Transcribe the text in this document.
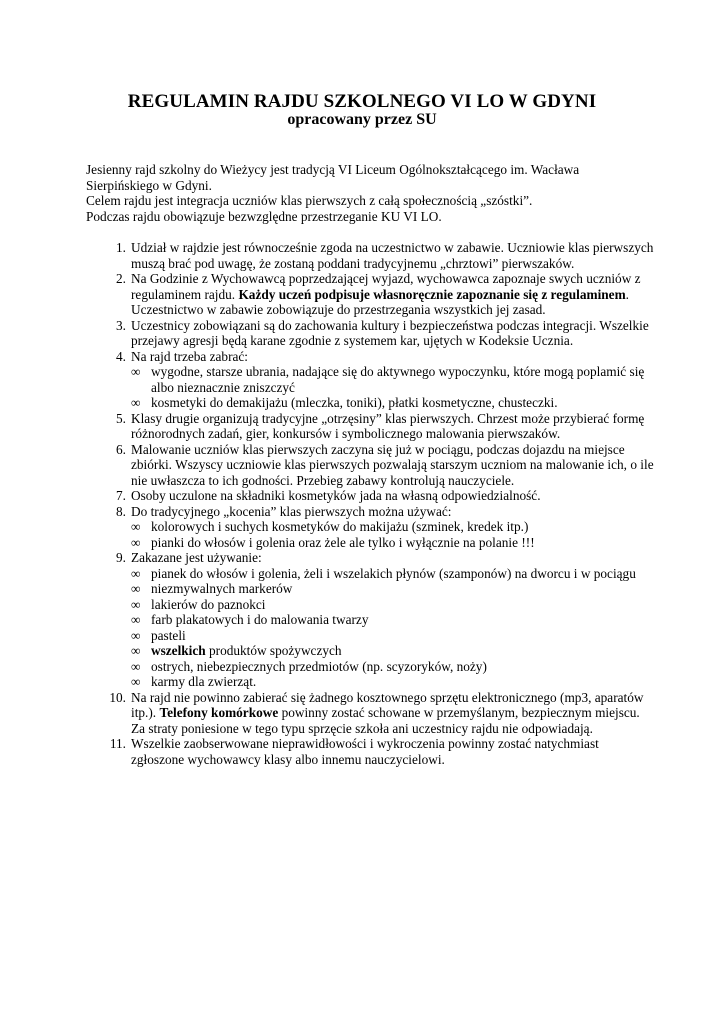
REGULAMIN RAJDU SZKOLNEGO VI LO W GDYNI
opracowany przez SU

Jesienny rajd szkolny do Wieżycy jest tradycją VI Liceum Ogólnokształcącego im. Wacława Sierpińskiego w Gdyni.

Celem rajdu jest integracja uczniów klas pierwszych z całą społecznością „szóstki”.

Podczas rajdu obowiązuje bezwzględne przestrzeganie KU VI LO.

1. Udział w rajdzie jest równocześnie zgoda na uczestnictwo w zabawie. Uczniowie klas pierwszych muszą brać pod uwagę, że zostaną poddani tradycyjnemu „chrztowi” pierwszaków.
2. Na Godzinie z Wychowawcą poprzedzającej wyjazd, wychowawca zapoznaje swych uczniów z regulaminem rajdu. Każdy uczeń podpisuje własnoręcznie zapoznanie się z regulaminem. Uczestnictwo w zabawie zobowiązuje do przestrzegania wszystkich jej zasad.
3. Uczestnicy zobowiązani są do zachowania kultury i bezpieczeństwa podczas integracji. Wszelkie przejawy agresji będą karane zgodnie z systemem kar, ujętych w Kodeksie Ucznia.
4. Na rajd trzeba zabrać:
∞ wygodne, starsze ubrania, nadające się do aktywnego wypoczynku, które mogą poplamić się albo nieznacznie zniszczyć
∞ kosmetyki do demakijażu (mleczka, toniki), płatki kosmetyczne, chusteczki.
5. Klasy drugie organizują tradycyjne „otrzęsiny” klas pierwszych. Chrzest może przybierać formę różnorodnych zadań, gier, konkursów i symbolicznego malowania pierwszaków.
6. Malowanie uczniów klas pierwszych zaczyna się już w pociągu, podczas dojazdu na miejsce zbiórki. Wszyscy uczniowie klas pierwszych pozwalają starszym uczniom na malowanie ich, o ile nie uwłaszcza to ich godności. Przebieg zabawy kontrolują nauczyciele.
7. Osoby uczulone na składniki kosmetyków jada na własną odpowiedzialność.
8. Do tradycyjnego „kocenia” klas pierwszych można używać:
∞ kolorowych i suchych kosmetyków do makijażu (szminek, kredek itp.)
∞ pianki do włosów i golenia oraz żele ale tylko i wyłącznie na polanie !!!
9. Zakazane jest używanie:
∞ pianek do włosów i golenia, żeli i wszelakich płynów (szamponów) na dworcu i w pociągu
∞ niezmywalnych markerów
∞ lakierów do paznokci
∞ farb plakatowych i do malowania twarzy
∞ pasteli
∞ wszelkich produktów spożywczych
∞ ostrych, niebezpiecznych przedmiotów (np. scyzoryków, noży)
∞ karmy dla zwierząt.
10. Na rajd nie powinno zabierać się żadnego kosztownego sprzętu elektronicznego (mp3, aparatów itp.). Telefony komórkowe powinny zostać schowane w przemyślanym, bezpiecznym miejscu. Za straty poniesione w tego typu sprzęcie szkoła ani uczestnicy rajdu nie odpowiadają.
11. Wszelkie zaobserwowane nieprawidłowości i wykroczenia powinny zostać natychmiast zgłoszone wychowawcy klasy albo innemu nauczycielowi.
